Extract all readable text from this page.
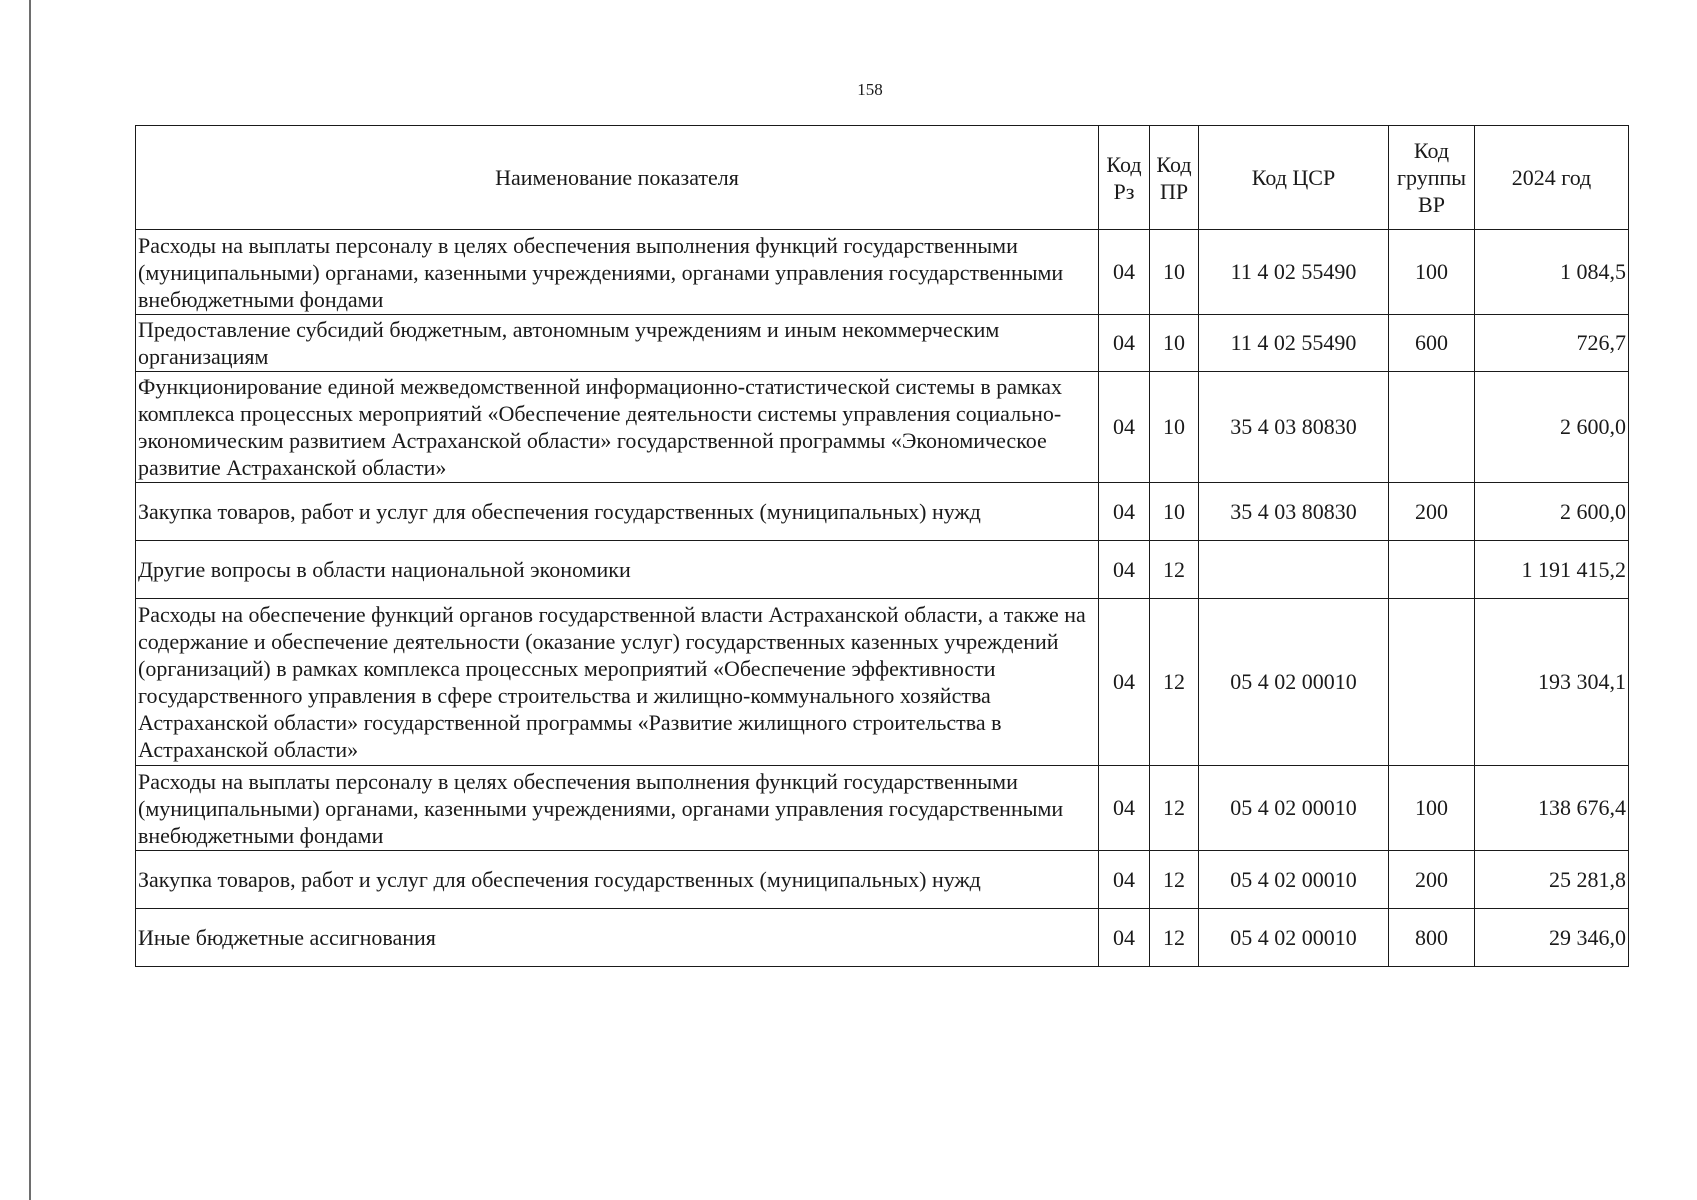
158
Наименование показателя	Код Рз	Код ПР	Код ЦСР	Код группы ВР	2024 год
Расходы на выплаты персоналу в целях обеспечения выполнения функций государственными (муниципальными) органами, казенными учреждениями, органами управления государственными внебюджетными фондами	04	10	11 4 02 55490	100	1 084,5
Предоставление субсидий бюджетным, автономным учреждениям и иным некоммерческим организациям	04	10	11 4 02 55490	600	726,7
Функционирование единой межведомственной информационно-статистической системы в рамках комплекса процессных мероприятий «Обеспечение деятельности системы управления социально-экономическим развитием Астраханской области» государственной программы «Экономическое развитие Астраханской области»	04	10	35 4 03 80830		2 600,0
Закупка товаров, работ и услуг для обеспечения государственных (муниципальных) нужд	04	10	35 4 03 80830	200	2 600,0
Другие вопросы в области национальной экономики	04	12			1 191 415,2
Расходы на обеспечение функций органов государственной власти Астраханской области, а также на содержание и обеспечение деятельности (оказание услуг) государственных казенных учреждений (организаций) в рамках комплекса процессных мероприятий «Обеспечение эффективности государственного управления в сфере строительства и жилищно-коммунального хозяйства Астраханской области» государственной программы «Развитие жилищного строительства в Астраханской области»	04	12	05 4 02 00010		193 304,1
Расходы на выплаты персоналу в целях обеспечения выполнения функций государственными (муниципальными) органами, казенными учреждениями, органами управления государственными внебюджетными фондами	04	12	05 4 02 00010	100	138 676,4
Закупка товаров, работ и услуг для обеспечения государственных (муниципальных) нужд	04	12	05 4 02 00010	200	25 281,8
Иные бюджетные ассигнования	04	12	05 4 02 00010	800	29 346,0
